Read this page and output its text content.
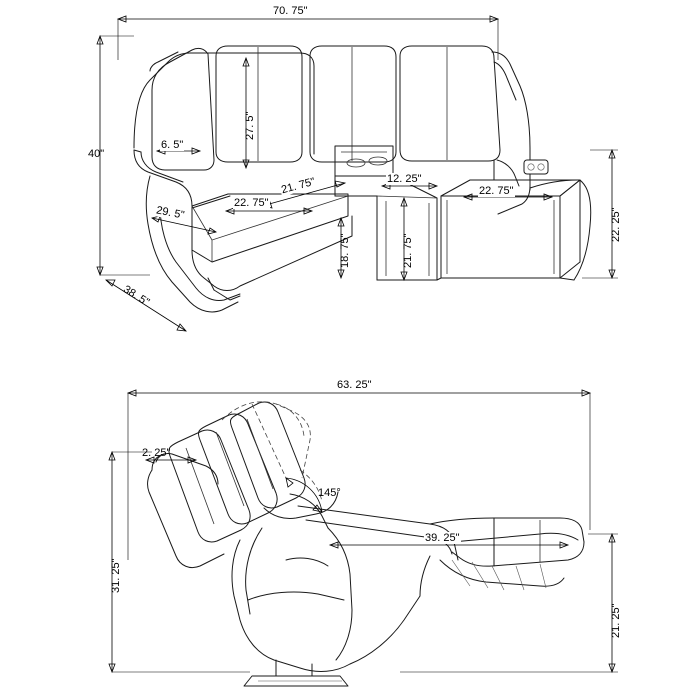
70. 75"
40"
27. 5"
6. 5"
29. 5"
22. 75"
21. 75"	12. 25"
22. 75"
18. 75"	21. 75"
22. 25"
38. 5"
63. 25"
2. 25"
145°
39. 25"
31. 25"
21. 25"
